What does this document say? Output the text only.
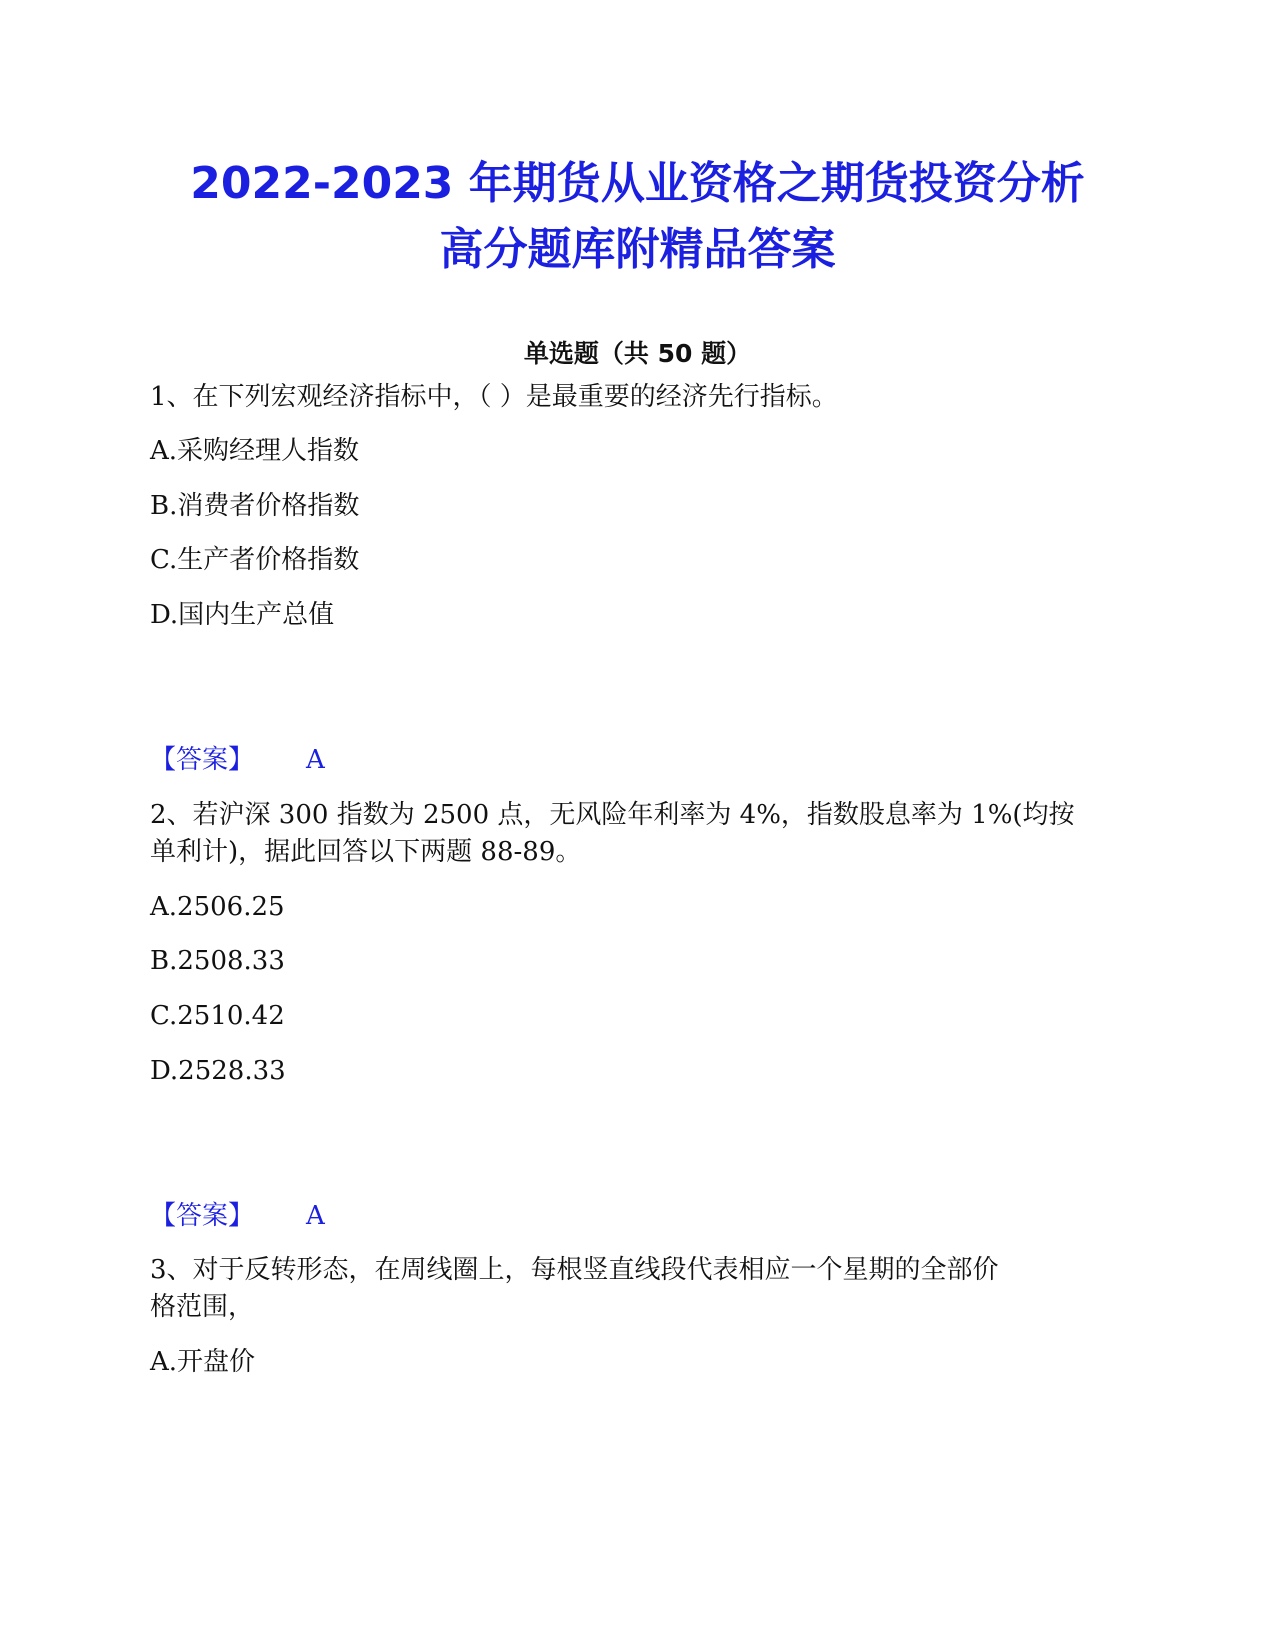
2022-2023 年期货从业资格之期货投资分析
高分题库附精品答案
单选题（共 50 题）
1、在下列宏观经济指标中，（ ）是最重要的经济先行指标。
A.采购经理人指数
B.消费者价格指数
C.生产者价格指数
D.国内生产总值
【答案】 A
2、若沪深 300 指数为 2500 点，无风险年利率为 4%，指数股息率为 1%(均按
单利计)，据此回答以下两题 88-89。
A.2506.25
B.2508.33
C.2510.42
D.2528.33
【答案】 A
3、对于反转形态，在周线圈上，每根竖直线段代表相应一个星期的全部价
格范围，
A.开盘价
